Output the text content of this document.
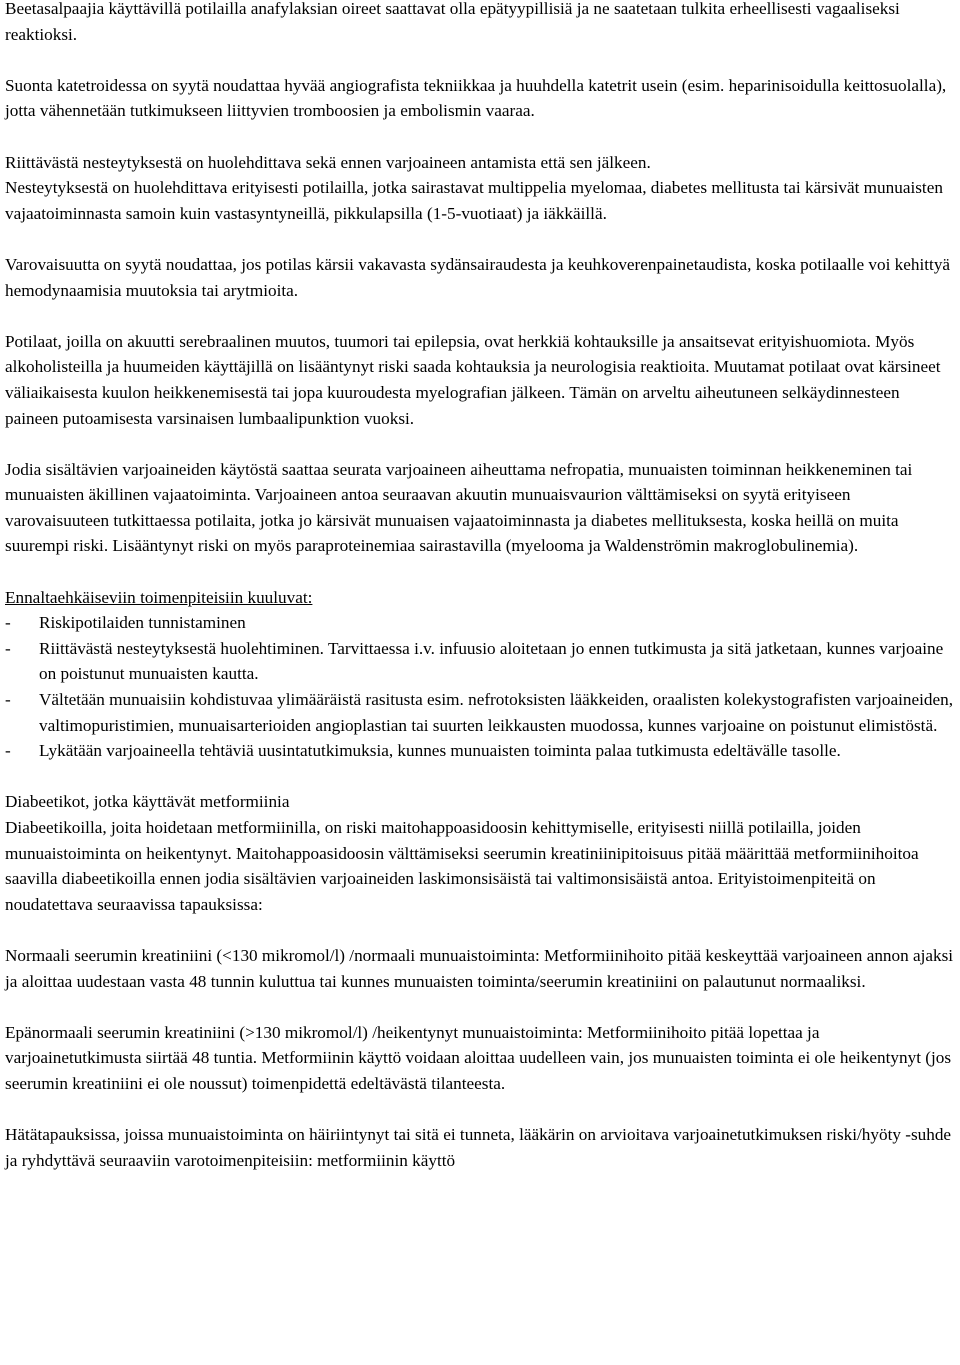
Beetasalpaajia käyttävillä potilailla anafylaksian oireet saattavat olla epätyypillisiä ja ne saatetaan tulkita erheellisesti vagaaliseksi reaktioksi.

Suonta katetroidessa on syytä noudattaa hyvää angiografista tekniikkaa ja huuhdella katetrit usein (esim. heparinisoidulla keittosuolalla), jotta vähennetään tutkimukseen liittyvien tromboosien ja embolismin vaaraa.

Riittävästä nesteytyksestä on huolehdittava sekä ennen varjoaineen antamista että sen jälkeen.

Nesteytyksestä on huolehdittava erityisesti potilailla, jotka sairastavat multippelia myelomaa, diabetes mellitusta tai kärsivät munuaisten vajaatoiminnasta samoin kuin vastasyntyneillä, pikkulapsilla (1-5-vuotiaat) ja iäkkäillä.

Varovaisuutta on syytä noudattaa, jos potilas kärsii vakavasta sydänsairaudesta ja keuhkoverenpainetaudista, koska potilaalle voi kehittyä hemodynaamisia muutoksia tai arytmioita.

Potilaat, joilla on akuutti serebraalinen muutos, tuumori tai epilepsia, ovat herkkiä kohtauksille ja ansaitsevat erityishuomiota. Myös alkoholisteilla ja huumeiden käyttäjillä on lisääntynyt riski saada kohtauksia ja neurologisia reaktioita. Muutamat potilaat ovat kärsineet väliaikaisesta kuulon heikkenemisestä tai jopa kuuroudesta myelografian jälkeen. Tämän on arveltu aiheutuneen selkäydinnesteen paineen putoamisesta varsinaisen lumbaalipunktion vuoksi.

Jodia sisältävien varjoaineiden käytöstä saattaa seurata varjoaineen aiheuttama nefropatia, munuaisten toiminnan heikkeneminen tai munuaisten äkillinen vajaatoiminta. Varjoaineen antoa seuraavan akuutin munuaisvaurion välttämiseksi on syytä erityiseen varovaisuuteen tutkittaessa potilaita, jotka jo kärsivät munuaisen vajaatoiminnasta ja diabetes mellituksesta, koska heillä on muita suurempi riski. Lisääntynyt riski on myös paraproteinemiaa sairastavilla (myelooma ja Waldenströmin makroglobulinemia).

Ennaltaehkäiseviin toimenpiteisiin kuuluvat:
- Riskipotilaiden tunnistaminen
- Riittävästä nesteytyksestä huolehtiminen. Tarvittaessa i.v. infuusio aloitetaan jo ennen tutkimusta ja sitä jatketaan, kunnes varjoaine on poistunut munuaisten kautta.
- Vältetään munuaisiin kohdistuvaa ylimääräistä rasitusta esim. nefrotoksisten lääkkeiden, oraalisten kolekystografisten varjoaineiden, valtimopuristimien, munuaisarterioiden angioplastian tai suurten leikkausten muodossa, kunnes varjoaine on poistunut elimistöstä.
- Lykätään varjoaineella tehtäviä uusintatutkimuksia, kunnes munuaisten toiminta palaa tutkimusta edeltävälle tasolle.
Diabeetikot, jotka käyttävät metformiinia

Diabeetikoilla, joita hoidetaan metformiinilla, on riski maitohappoasidoosin kehittymiselle, erityisesti niillä potilailla, joiden munuaistoiminta on heikentynyt. Maitohappoasidoosin välttämiseksi seerumin kreatiniinipitoisuus pitää määrittää metformiinihoitoa saavilla diabeetikoilla ennen jodia sisältävien varjoaineiden laskimonsisäistä tai valtimonsisäistä antoa. Erityistoimenpiteitä on noudatettava seuraavissa tapauksissa:

Normaali seerumin kreatiniini (<130 mikromol/l) /normaali munuaistoiminta: Metformiinihoito pitää keskeyttää varjoaineen annon ajaksi ja aloittaa uudestaan vasta 48 tunnin kuluttua tai kunnes munuaisten toiminta/seerumin kreatiniini on palautunut normaaliksi.

Epänormaali seerumin kreatiniini (>130 mikromol/l) /heikentynyt munuaistoiminta: Metformiinihoito pitää lopettaa ja varjoainetutkimusta siirtää 48 tuntia. Metformiinin käyttö voidaan aloittaa uudelleen vain, jos munuaisten toiminta ei ole heikentynyt (jos seerumin kreatiniini ei ole noussut) toimenpidettä edeltävästä tilanteesta.

Hätätapauksissa, joissa munuaistoiminta on häiriintynyt tai sitä ei tunneta, lääkärin on arvioitava varjoainetutkimuksen riski/hyöty -suhde ja ryhdyttävä seuraaviin varotoimenpiteisiin: metformiinin käyttö
